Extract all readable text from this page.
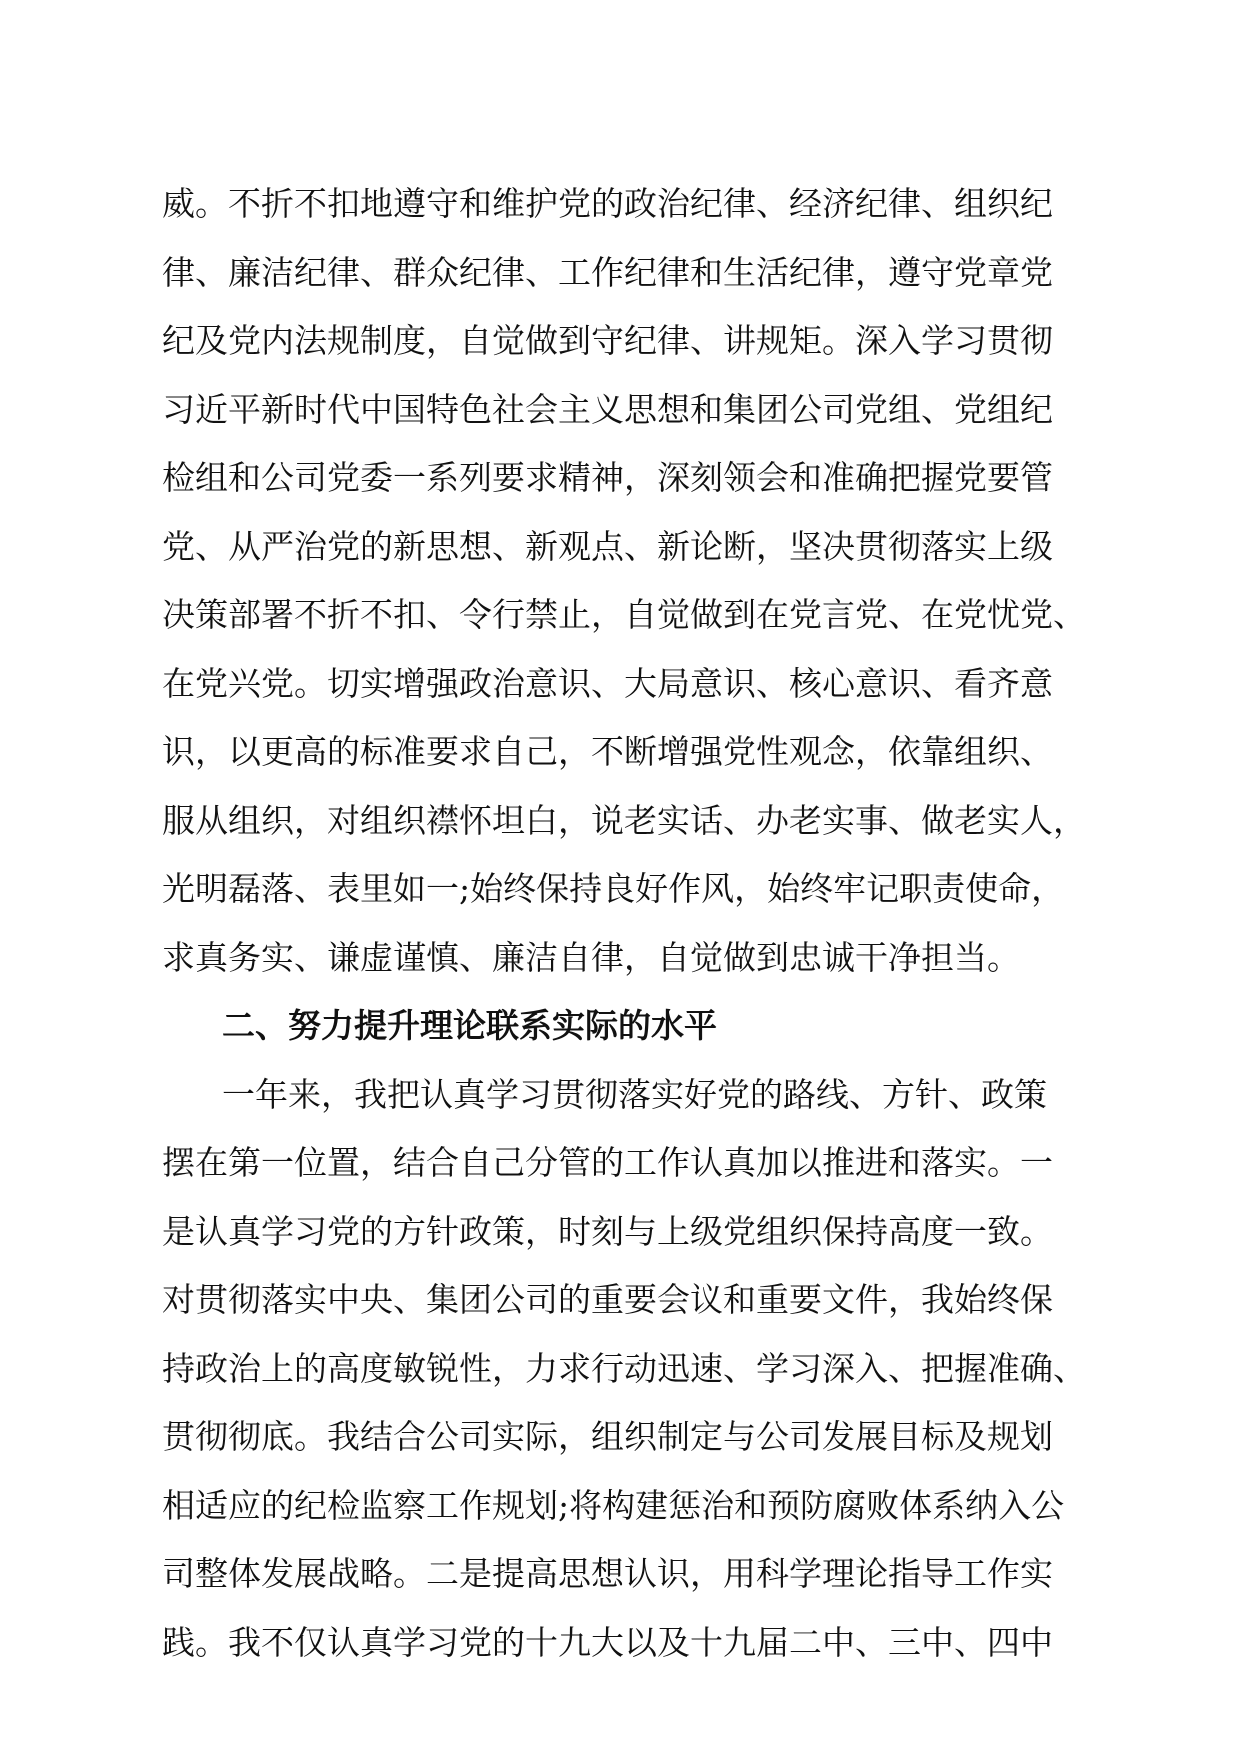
威。不折不扣地遵守和维护党的政治纪律、经济纪律、组织纪
律、廉洁纪律、群众纪律、工作纪律和生活纪律，遵守党章党
纪及党内法规制度，自觉做到守纪律、讲规矩。深入学习贯彻
习近平新时代中国特色社会主义思想和集团公司党组、党组纪
检组和公司党委一系列要求精神，深刻领会和准确把握党要管
党、从严治党的新思想、新观点、新论断，坚决贯彻落实上级
决策部署不折不扣、令行禁止，自觉做到在党言党、在党忧党、
在党兴党。切实增强政治意识、大局意识、核心意识、看齐意
识，以更高的标准要求自己，不断增强党性观念，依靠组织、
服从组织，对组织襟怀坦白，说老实话、办老实事、做老实人，
光明磊落、表里如一;始终保持良好作风，始终牢记职责使命，
求真务实、谦虚谨慎、廉洁自律，自觉做到忠诚干净担当。
二、努力提升理论联系实际的水平
一年来，我把认真学习贯彻落实好党的路线、方针、政策
摆在第一位置，结合自己分管的工作认真加以推进和落实。一
是认真学习党的方针政策，时刻与上级党组织保持高度一致。
对贯彻落实中央、集团公司的重要会议和重要文件，我始终保
持政治上的高度敏锐性，力求行动迅速、学习深入、把握准确、
贯彻彻底。我结合公司实际，组织制定与公司发展目标及规划
相适应的纪检监察工作规划;将构建惩治和预防腐败体系纳入公
司整体发展战略。二是提高思想认识，用科学理论指导工作实
践。我不仅认真学习党的十九大以及十九届二中、三中、四中
